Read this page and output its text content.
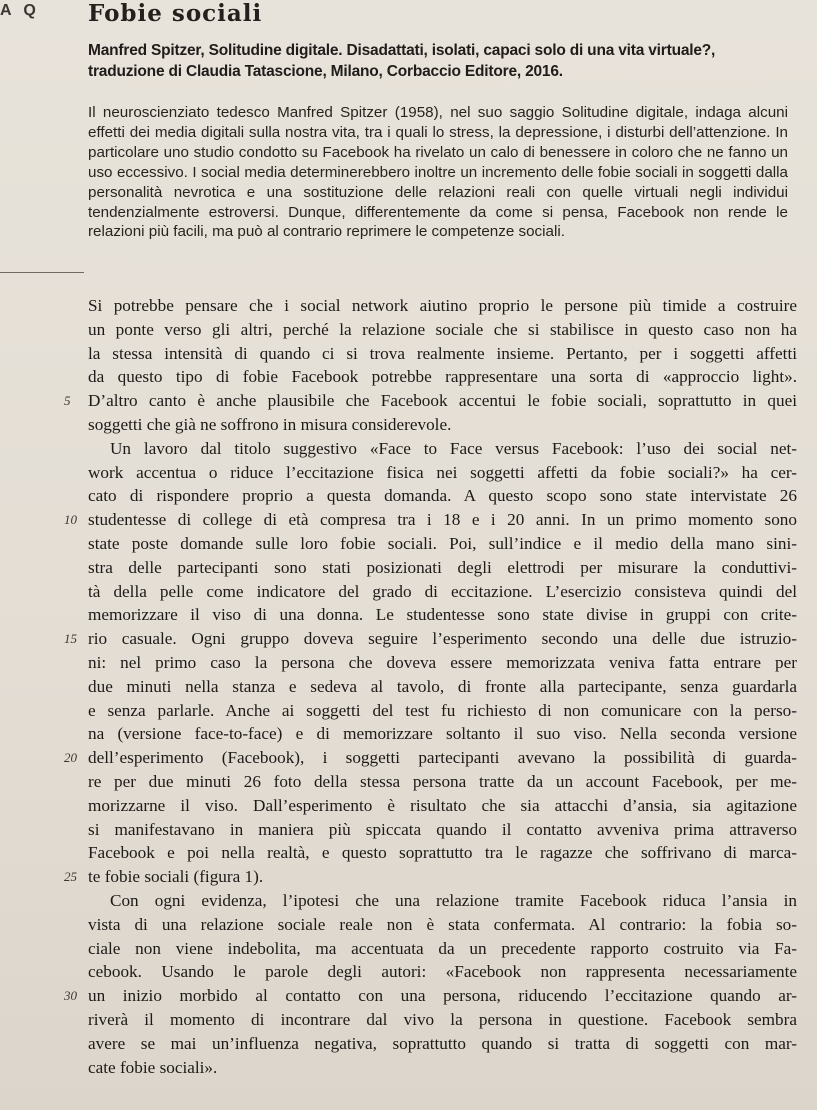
A Q Fobie sociali
Manfred Spitzer, Solitudine digitale. Disadattati, isolati, capaci solo di una vita virtuale?, traduzione di Claudia Tatascione, Milano, Corbaccio Editore, 2016.

Il neuroscienziato tedesco Manfred Spitzer (1958), nel suo saggio Solitudine digitale, indaga alcuni effetti dei media digitali sulla nostra vita, tra i quali lo stress, la depressione, i disturbi dell’attenzione. In particolare uno studio condotto su Facebook ha rivelato un calo di benessere in coloro che ne fanno un uso eccessivo. I social media determinerebbero inoltre un incremento delle fobie sociali in soggetti dalla personalità nevrotica e una sostituzione delle relazioni reali con quelle virtuali negli individui tendenzialmente estroversi. Dunque, differentemente da come si pensa, Facebook non rende le relazioni più facili, ma può al contrario reprimere le competenze sociali.

Si potrebbe pensare che i social network aiutino proprio le persone più timide a costruire
un ponte verso gli altri, perché la relazione sociale che si stabilisce in questo caso non ha
la stessa intensità di quando ci si trova realmente insieme. Pertanto, per i soggetti affetti
da questo tipo di fobie Facebook potrebbe rappresentare una sorta di «approccio light».
5 D’altro canto è anche plausibile che Facebook accentui le fobie sociali, soprattutto in quei
soggetti che già ne soffrono in misura considerevole.
Un lavoro dal titolo suggestivo «Face to Face versus Facebook: l’uso dei social net-
work accentua o riduce l’eccitazione fisica nei soggetti affetti da fobie sociali?» ha cer-
cato di rispondere proprio a questa domanda. A questo scopo sono state intervistate 26
10 studentesse di college di età compresa tra i 18 e i 20 anni. In un primo momento sono
state poste domande sulle loro fobie sociali. Poi, sull’indice e il medio della mano sini-
stra delle partecipanti sono stati posizionati degli elettrodi per misurare la conduttivi-
tà della pelle come indicatore del grado di eccitazione. L’esercizio consisteva quindi del
memorizzare il viso di una donna. Le studentesse sono state divise in gruppi con crite-
15 rio casuale. Ogni gruppo doveva seguire l’esperimento secondo una delle due istruzio-
ni: nel primo caso la persona che doveva essere memorizzata veniva fatta entrare per
due minuti nella stanza e sedeva al tavolo, di fronte alla partecipante, senza guardarla
e senza parlarle. Anche ai soggetti del test fu richiesto di non comunicare con la perso-
na (versione face-to-face) e di memorizzare soltanto il suo viso. Nella seconda versione
20 dell’esperimento (Facebook), i soggetti partecipanti avevano la possibilità di guarda-
re per due minuti 26 foto della stessa persona tratte da un account Facebook, per me-
morizzarne il viso. Dall’esperimento è risultato che sia attacchi d’ansia, sia agitazione
si manifestavano in maniera più spiccata quando il contatto avveniva prima attraverso
Facebook e poi nella realtà, e questo soprattutto tra le ragazze che soffrivano di marca-
25 te fobie sociali (figura 1).
Con ogni evidenza, l’ipotesi che una relazione tramite Facebook riduca l’ansia in
vista di una relazione sociale reale non è stata confermata. Al contrario: la fobia so-
ciale non viene indebolita, ma accentuata da un precedente rapporto costruito via Fa-
cebook. Usando le parole degli autori: «Facebook non rappresenta necessariamente
30 un inizio morbido al contatto con una persona, riducendo l’eccitazione quando ar-
riverà il momento di incontrare dal vivo la persona in questione. Facebook sembra
avere se mai un’influenza negativa, soprattutto quando si tratta di soggetti con mar-
cate fobie sociali».
